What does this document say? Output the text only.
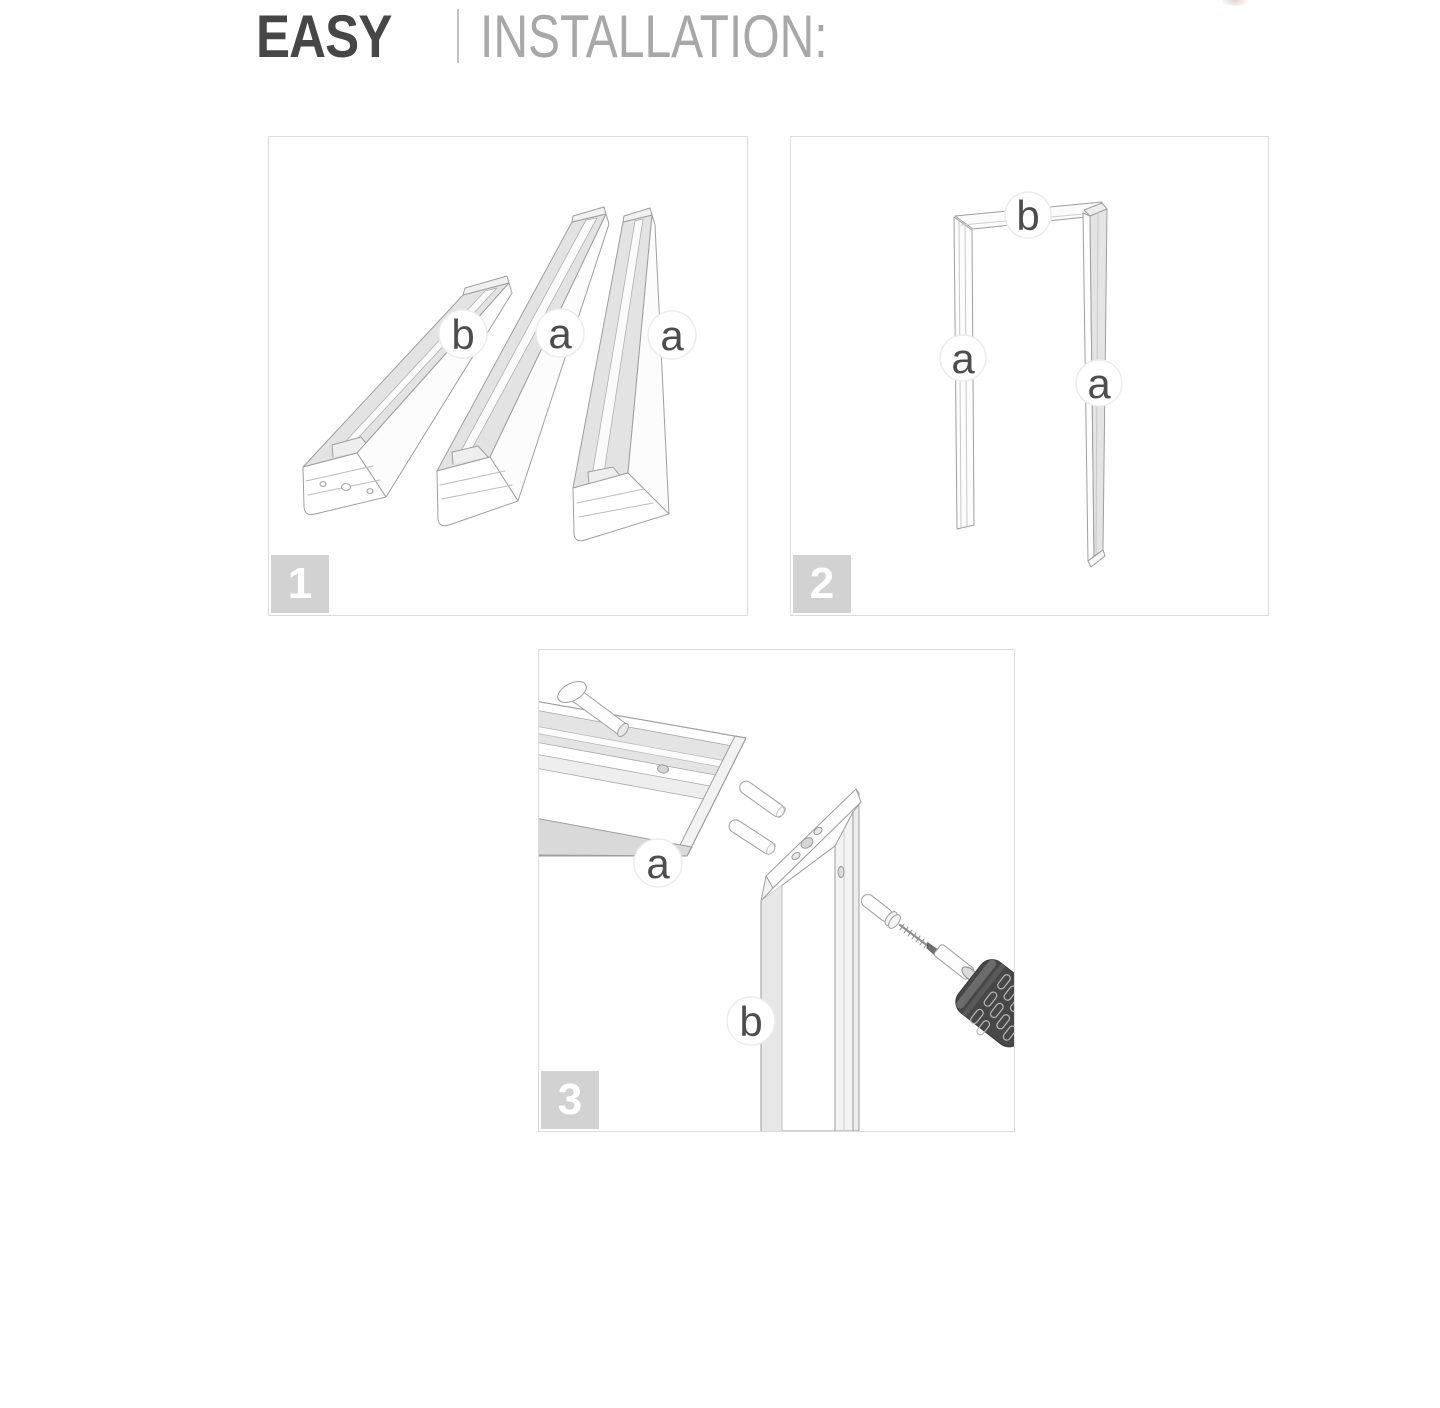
EASY INSTALLATION:
b a a
1
b
a
a
2
a
b
3
